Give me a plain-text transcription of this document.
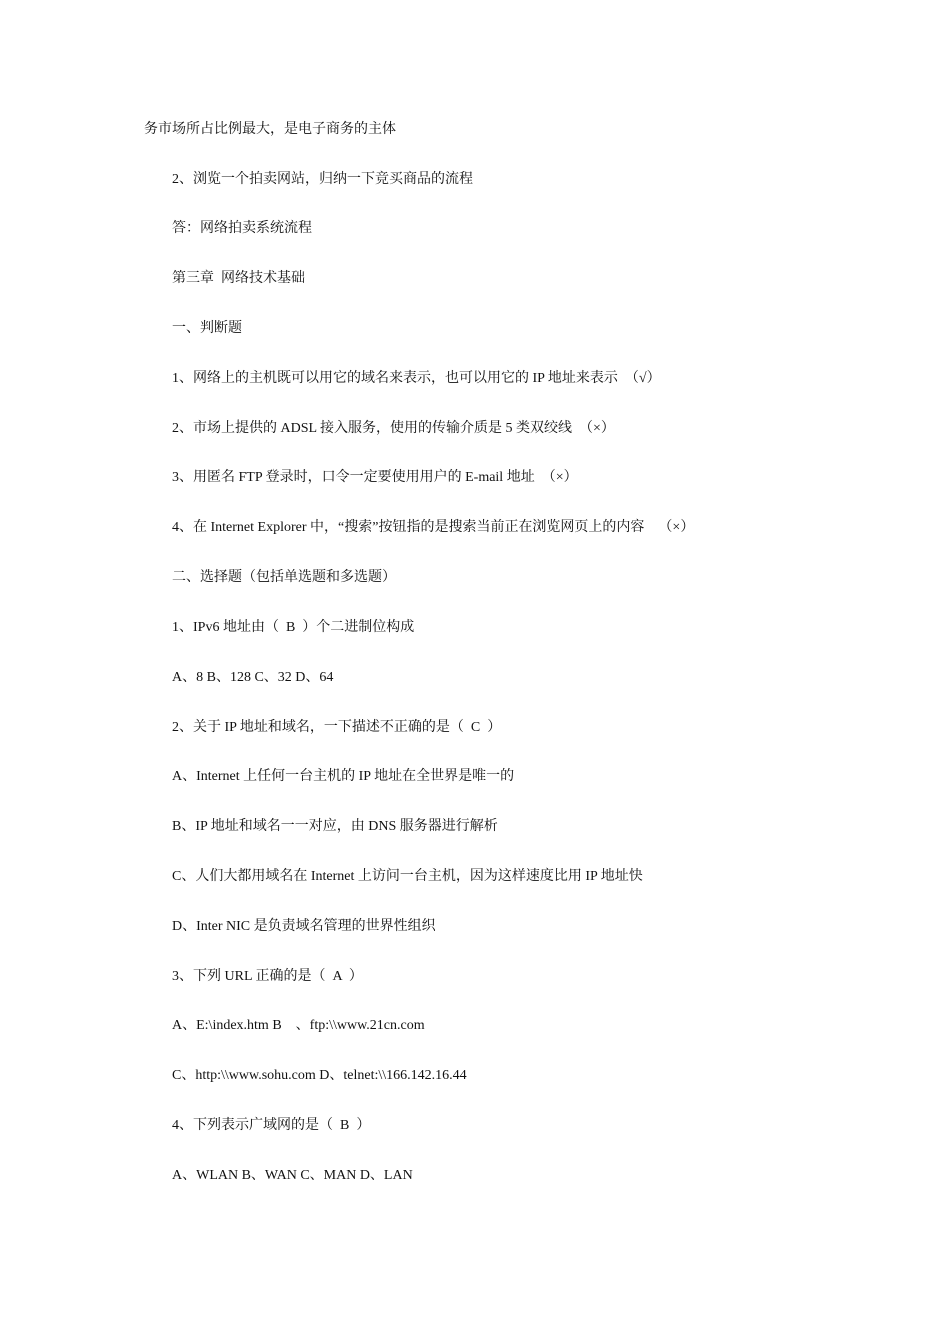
务市场所占比例最大，是电子商务的主体
2、浏览一个拍卖网站，归纳一下竞买商品的流程
答：网络拍卖系统流程
第三章  网络技术基础
一、判断题
1、网络上的主机既可以用它的域名来表示，也可以用它的 IP 地址来表示  （√）
2、市场上提供的 ADSL 接入服务，使用的传输介质是 5 类双绞线  （×）
3、用匿名 FTP 登录时，口令一定要使用用户的 E-mail 地址  （×）
4、在 Internet Explorer 中，“搜索”按钮指的是搜索当前正在浏览网页上的内容    （×）
二、选择题（包括单选题和多选题）
1、IPv6 地址由（  B  ）个二进制位构成
A、8 B、128 C、32 D、64
2、关于 IP 地址和域名，一下描述不正确的是（  C  ）
A、Internet 上任何一台主机的 IP 地址在全世界是唯一的
B、IP 地址和域名一一对应，由 DNS 服务器进行解析
C、人们大都用域名在 Internet 上访问一台主机，因为这样速度比用 IP 地址快
D、Inter NIC 是负责域名管理的世界性组织
3、下列 URL 正确的是（  A  ）
A、E:\index.htm B    、ftp:\\www.21cn.com
C、http:\\www.sohu.com D、telnet:\\166.142.16.44
4、下列表示广域网的是（  B  ）
A、WLAN B、WAN C、MAN D、LAN
